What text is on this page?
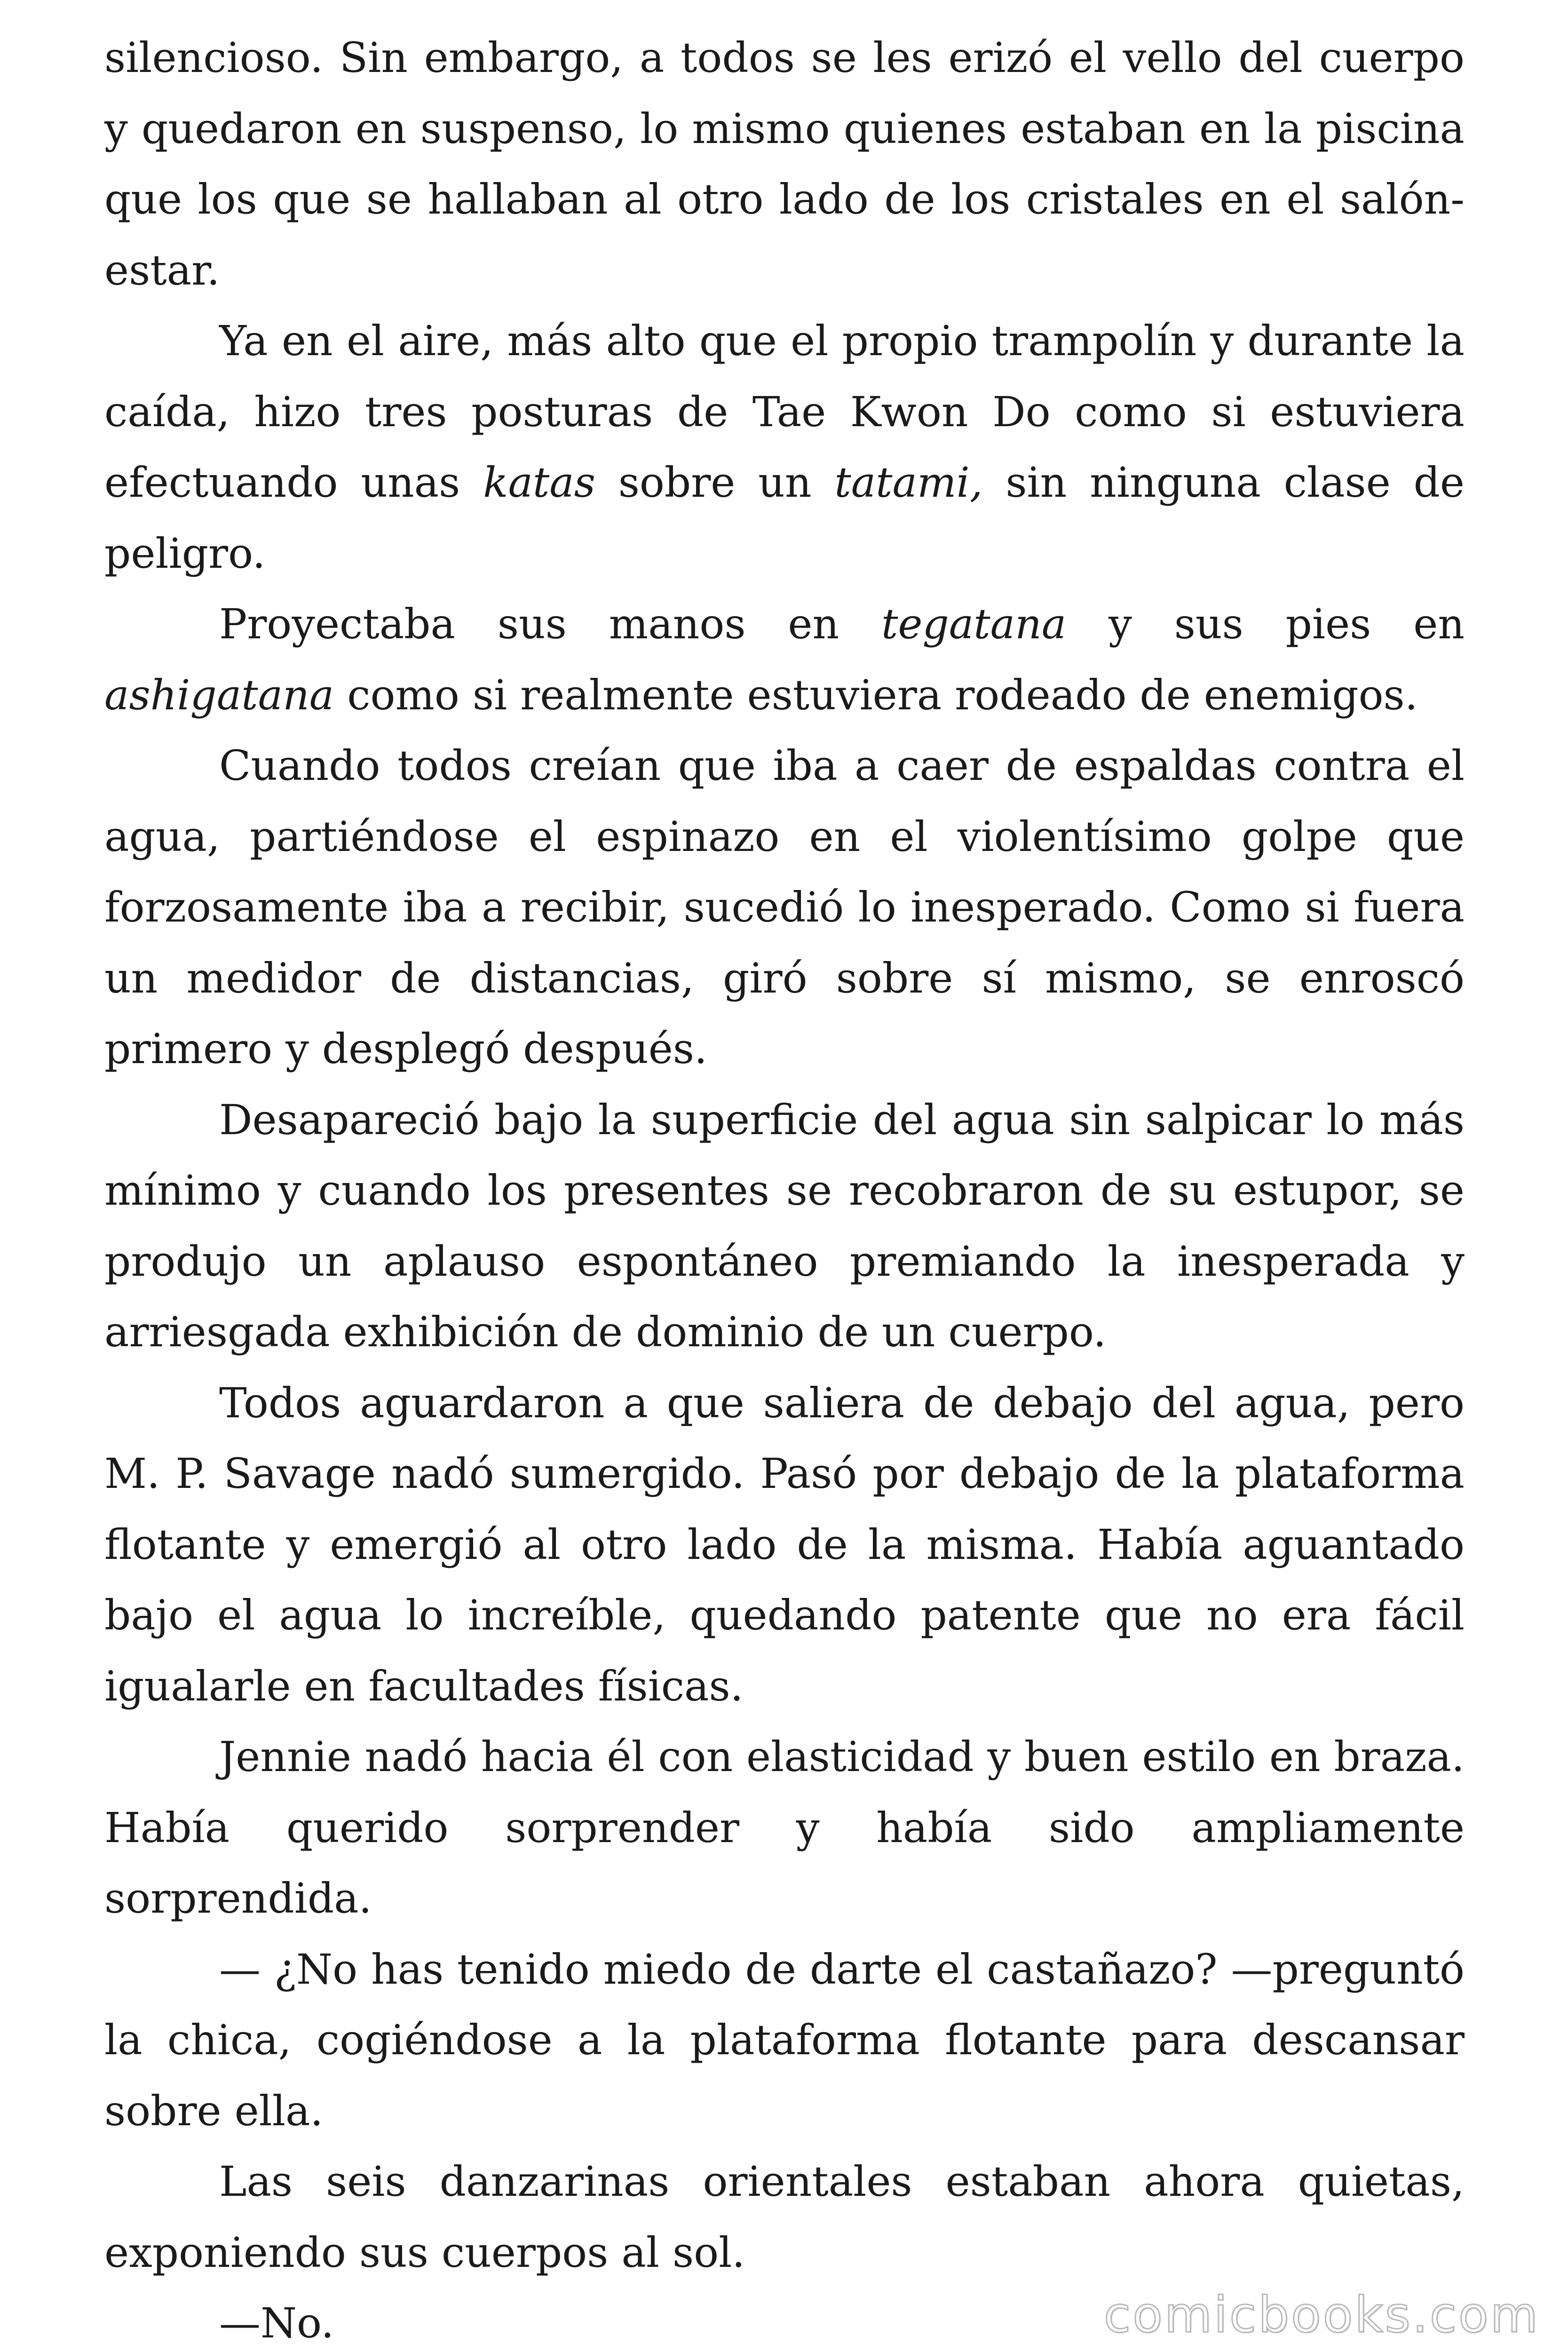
silencioso. Sin embargo, a todos se les erizó el vello del cuerpo y quedaron en suspenso, lo mismo quienes estaban en la piscina que los que se hallaban al otro lado de los cristales en el salón-estar.

Ya en el aire, más alto que el propio trampolín y durante la caída, hizo tres posturas de Tae Kwon Do como si estuviera efectuando unas katas sobre un tatami, sin ninguna clase de peligro.

Proyectaba sus manos en tegatana y sus pies en ashigatana como si realmente estuviera rodeado de enemigos.

Cuando todos creían que iba a caer de espaldas contra el agua, partiéndose el espinazo en el violentísimo golpe que forzosamente iba a recibir, sucedió lo inesperado. Como si fuera un medidor de distancias, giró sobre sí mismo, se enroscó primero y desplegó después.

Desapareció bajo la superficie del agua sin salpicar lo más mínimo y cuando los presentes se recobraron de su estupor, se produjo un aplauso espontáneo premiando la inesperada y arriesgada exhibición de dominio de un cuerpo.

Todos aguardaron a que saliera de debajo del agua, pero M. P. Savage nadó sumergido. Pasó por debajo de la plataforma flotante y emergió al otro lado de la misma. Había aguantado bajo el agua lo increíble, quedando patente que no era fácil igualarle en facultades físicas.

Jennie nadó hacia él con elasticidad y buen estilo en braza. Había querido sorprender y había sido ampliamente sorprendida.

— ¿No has tenido miedo de darte el castañazo? —preguntó la chica, cogiéndose a la plataforma flotante para descansar sobre ella.

Las seis danzarinas orientales estaban ahora quietas, exponiendo sus cuerpos al sol.

—No.	comicbooks.com
